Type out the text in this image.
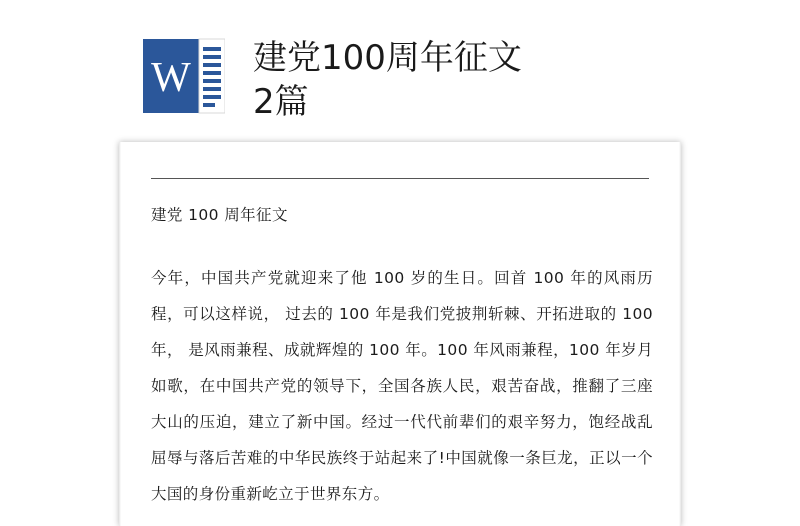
W 建党100周年征文
2篇

建党 100 周年征文

今年，中国共产党就迎来了他 100 岁的生日。回首 100 年的风雨历程，可以这样说， 过去的 100 年是我们党披荆斩棘、开拓进取的 100 年， 是风雨兼程、成就辉煌的 100 年。100 年风雨兼程，100 年岁月如歌，在中国共产党的领导下，全国各族人民，艰苦奋战，推翻了三座大山的压迫，建立了新中国。经过一代代前辈们的艰辛努力，饱经战乱屈辱与落后苦难的中华民族终于站起来了!中国就像一条巨龙，正以一个大国的身份重新屹立于世界东方。
